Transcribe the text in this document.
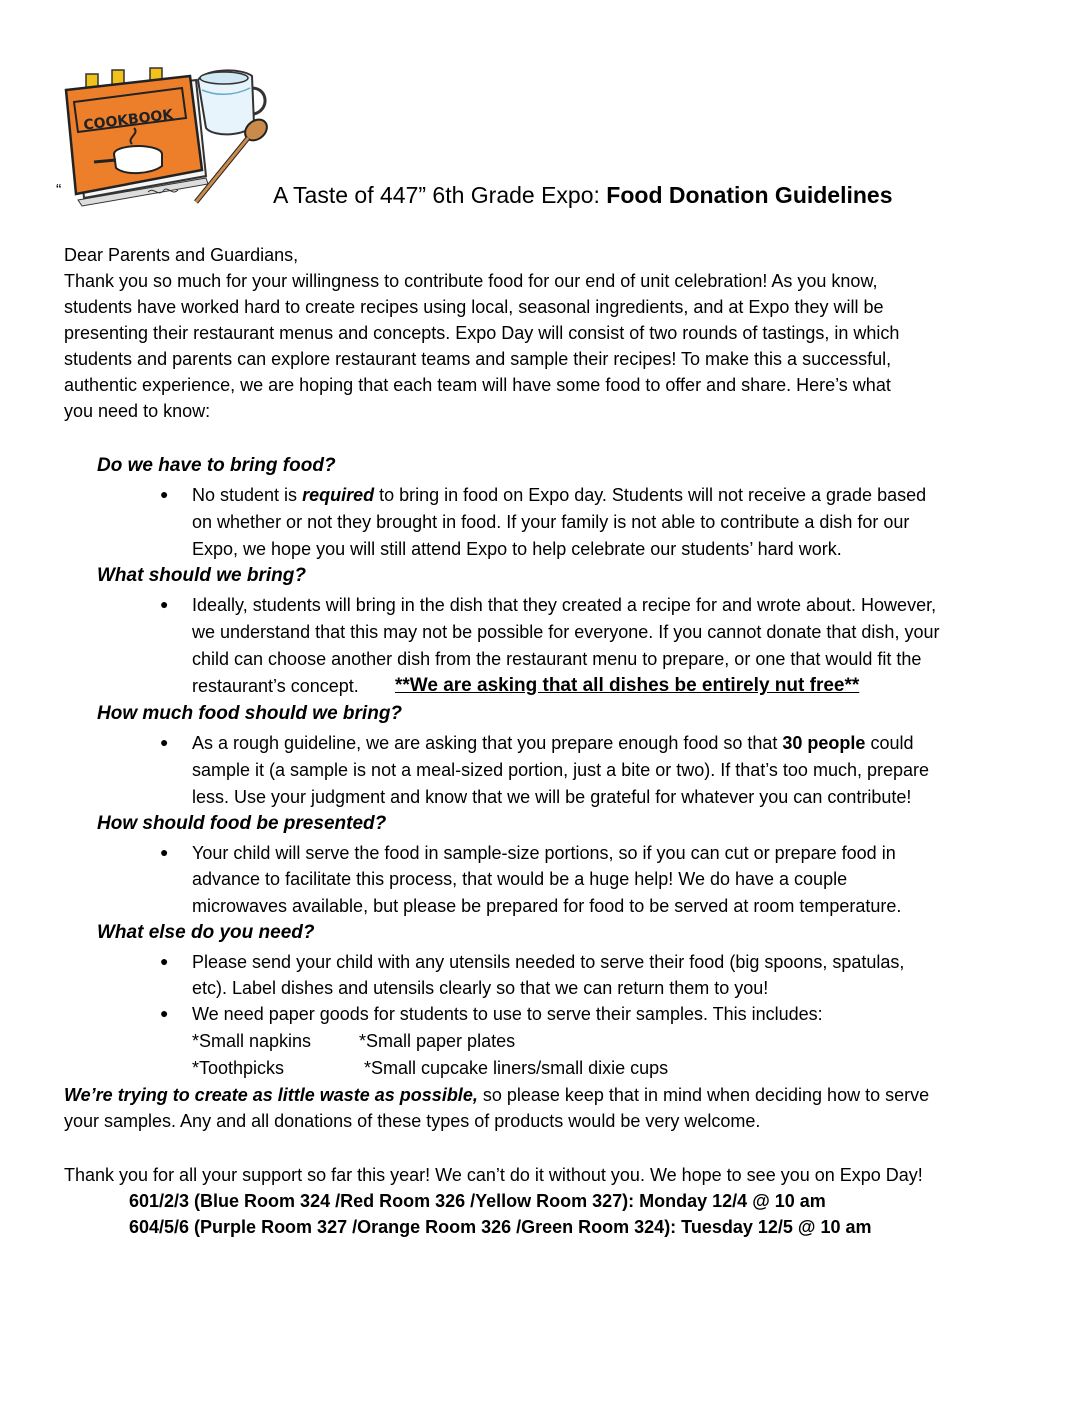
COOKBOOK
“	A Taste of 447” 6th Grade Expo: Food Donation Guidelines
Dear Parents and Guardians,
Thank you so much for your willingness to contribute food for our end of unit celebration! As you know,
students have worked hard to create recipes using local, seasonal ingredients, and at Expo they will be
presenting their restaurant menus and concepts. Expo Day will consist of two rounds of tastings, in which
students and parents can explore restaurant teams and sample their recipes! To make this a successful,
authentic experience, we are hoping that each team will have some food to offer and share. Here’s what
you need to know:
Do we have to bring food?
● No student is required to bring in food on Expo day. Students will not receive a grade based
on whether or not they brought in food. If your family is not able to contribute a dish for our
Expo, we hope you will still attend Expo to help celebrate our students’ hard work.
What should we bring?
● Ideally, students will bring in the dish that they created a recipe for and wrote about. However,
we understand that this may not be possible for everyone. If you cannot donate that dish, your
child can choose another dish from the restaurant menu to prepare, or one that would fit the
restaurant’s concept. **We are asking that all dishes be entirely nut free**
How much food should we bring?
● As a rough guideline, we are asking that you prepare enough food so that 30 people could
sample it (a sample is not a meal-sized portion, just a bite or two). If that’s too much, prepare
less. Use your judgment and know that we will be grateful for whatever you can contribute!
How should food be presented?
● Your child will serve the food in sample-size portions, so if you can cut or prepare food in
advance to facilitate this process, that would be a huge help! We do have a couple
microwaves available, but please be prepared for food to be served at room temperature.
What else do you need?
● Please send your child with any utensils needed to serve their food (big spoons, spatulas,
etc). Label dishes and utensils clearly so that we can return them to you!
● We need paper goods for students to use to serve their samples. This includes:
*Small napkins	*Small paper plates
*Toothpicks	*Small cupcake liners/small dixie cups
We’re trying to create as little waste as possible, so please keep that in mind when deciding how to serve
your samples. Any and all donations of these types of products would be very welcome.
Thank you for all your support so far this year! We can’t do it without you. We hope to see you on Expo Day!
601/2/3 (Blue Room 324 /Red Room 326 /Yellow Room 327): Monday 12/4 @ 10 am
604/5/6 (Purple Room 327 /Orange Room 326 /Green Room 324): Tuesday 12/5 @ 10 am
